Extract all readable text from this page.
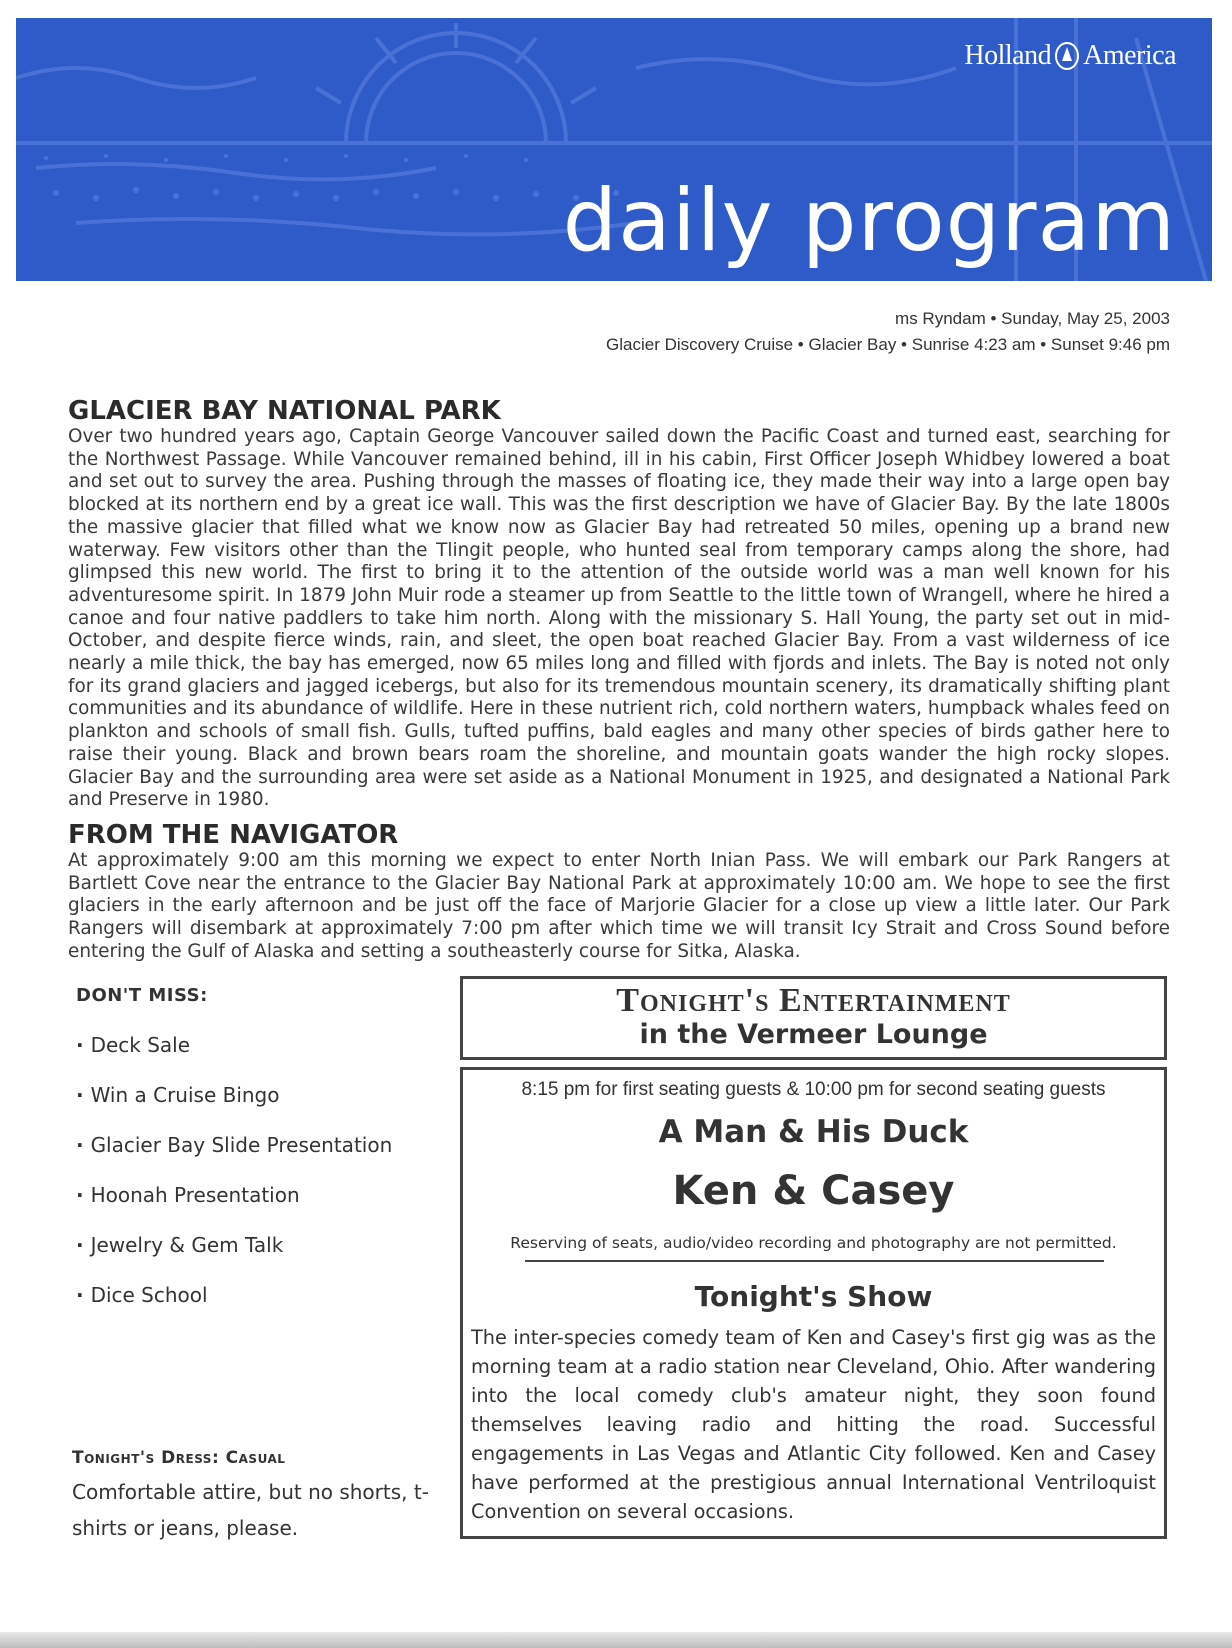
Holland America
daily program
ms Ryndam • Sunday, May 25, 2003
Glacier Discovery Cruise • Glacier Bay • Sunrise 4:23 am • Sunset 9:46 pm
GLACIER BAY NATIONAL PARK

Over two hundred years ago, Captain George Vancouver sailed down the Pacific Coast and turned east, searching for the Northwest Passage. While Vancouver remained behind, ill in his cabin, First Officer Joseph Whidbey lowered a boat and set out to survey the area. Pushing through the masses of floating ice, they made their way into a large open bay blocked at its northern end by a great ice wall. This was the first description we have of Glacier Bay. By the late 1800s the massive glacier that filled what we know now as Glacier Bay had retreated 50 miles, opening up a brand new waterway. Few visitors other than the Tlingit people, who hunted seal from temporary camps along the shore, had glimpsed this new world. The first to bring it to the attention of the outside world was a man well known for his adventuresome spirit. In 1879 John Muir rode a steamer up from Seattle to the little town of Wrangell, where he hired a canoe and four native paddlers to take him north. Along with the missionary S. Hall Young, the party set out in mid-October, and despite fierce winds, rain, and sleet, the open boat reached Glacier Bay. From a vast wilderness of ice nearly a mile thick, the bay has emerged, now 65 miles long and filled with fjords and inlets. The Bay is noted not only for its grand glaciers and jagged icebergs, but also for its tremendous mountain scenery, its dramatically shifting plant communities and its abundance of wildlife. Here in these nutrient rich, cold northern waters, humpback whales feed on plankton and schools of small fish. Gulls, tufted puffins, bald eagles and many other species of birds gather here to raise their young. Black and brown bears roam the shoreline, and mountain goats wander the high rocky slopes. Glacier Bay and the surrounding area were set aside as a National Monument in 1925, and designated a National Park and Preserve in 1980.

FROM THE NAVIGATOR

At approximately 9:00 am this morning we expect to enter North Inian Pass. We will embark our Park Rangers at Bartlett Cove near the entrance to the Glacier Bay National Park at approximately 10:00 am. We hope to see the first glaciers in the early afternoon and be just off the face of Marjorie Glacier for a close up view a little later. Our Park Rangers will disembark at approximately 7:00 pm after which time we will transit Icy Strait and Cross Sound before entering the Gulf of Alaska and setting a southeasterly course for Sitka, Alaska.

DON'T MISS:
· Deck Sale
· Win a Cruise Bingo
· Glacier Bay Slide Presentation
· Hoonah Presentation
· Jewelry & Gem Talk
· Dice School
Tonight's Dress: Casual
Comfortable attire, but no shorts, t-shirts or jeans, please.
Tonight's Entertainment
in the Vermeer Lounge
8:15 pm for first seating guests & 10:00 pm for second seating guests
A Man & His Duck
Ken & Casey
Reserving of seats, audio/video recording and photography are not permitted.
Tonight's Show

The inter-species comedy team of Ken and Casey's first gig was as the morning team at a radio station near Cleveland, Ohio. After wandering into the local comedy club's amateur night, they soon found themselves leaving radio and hitting the road. Successful engagements in Las Vegas and Atlantic City followed. Ken and Casey have performed at the prestigious annual International Ventriloquist Convention on several occasions.
